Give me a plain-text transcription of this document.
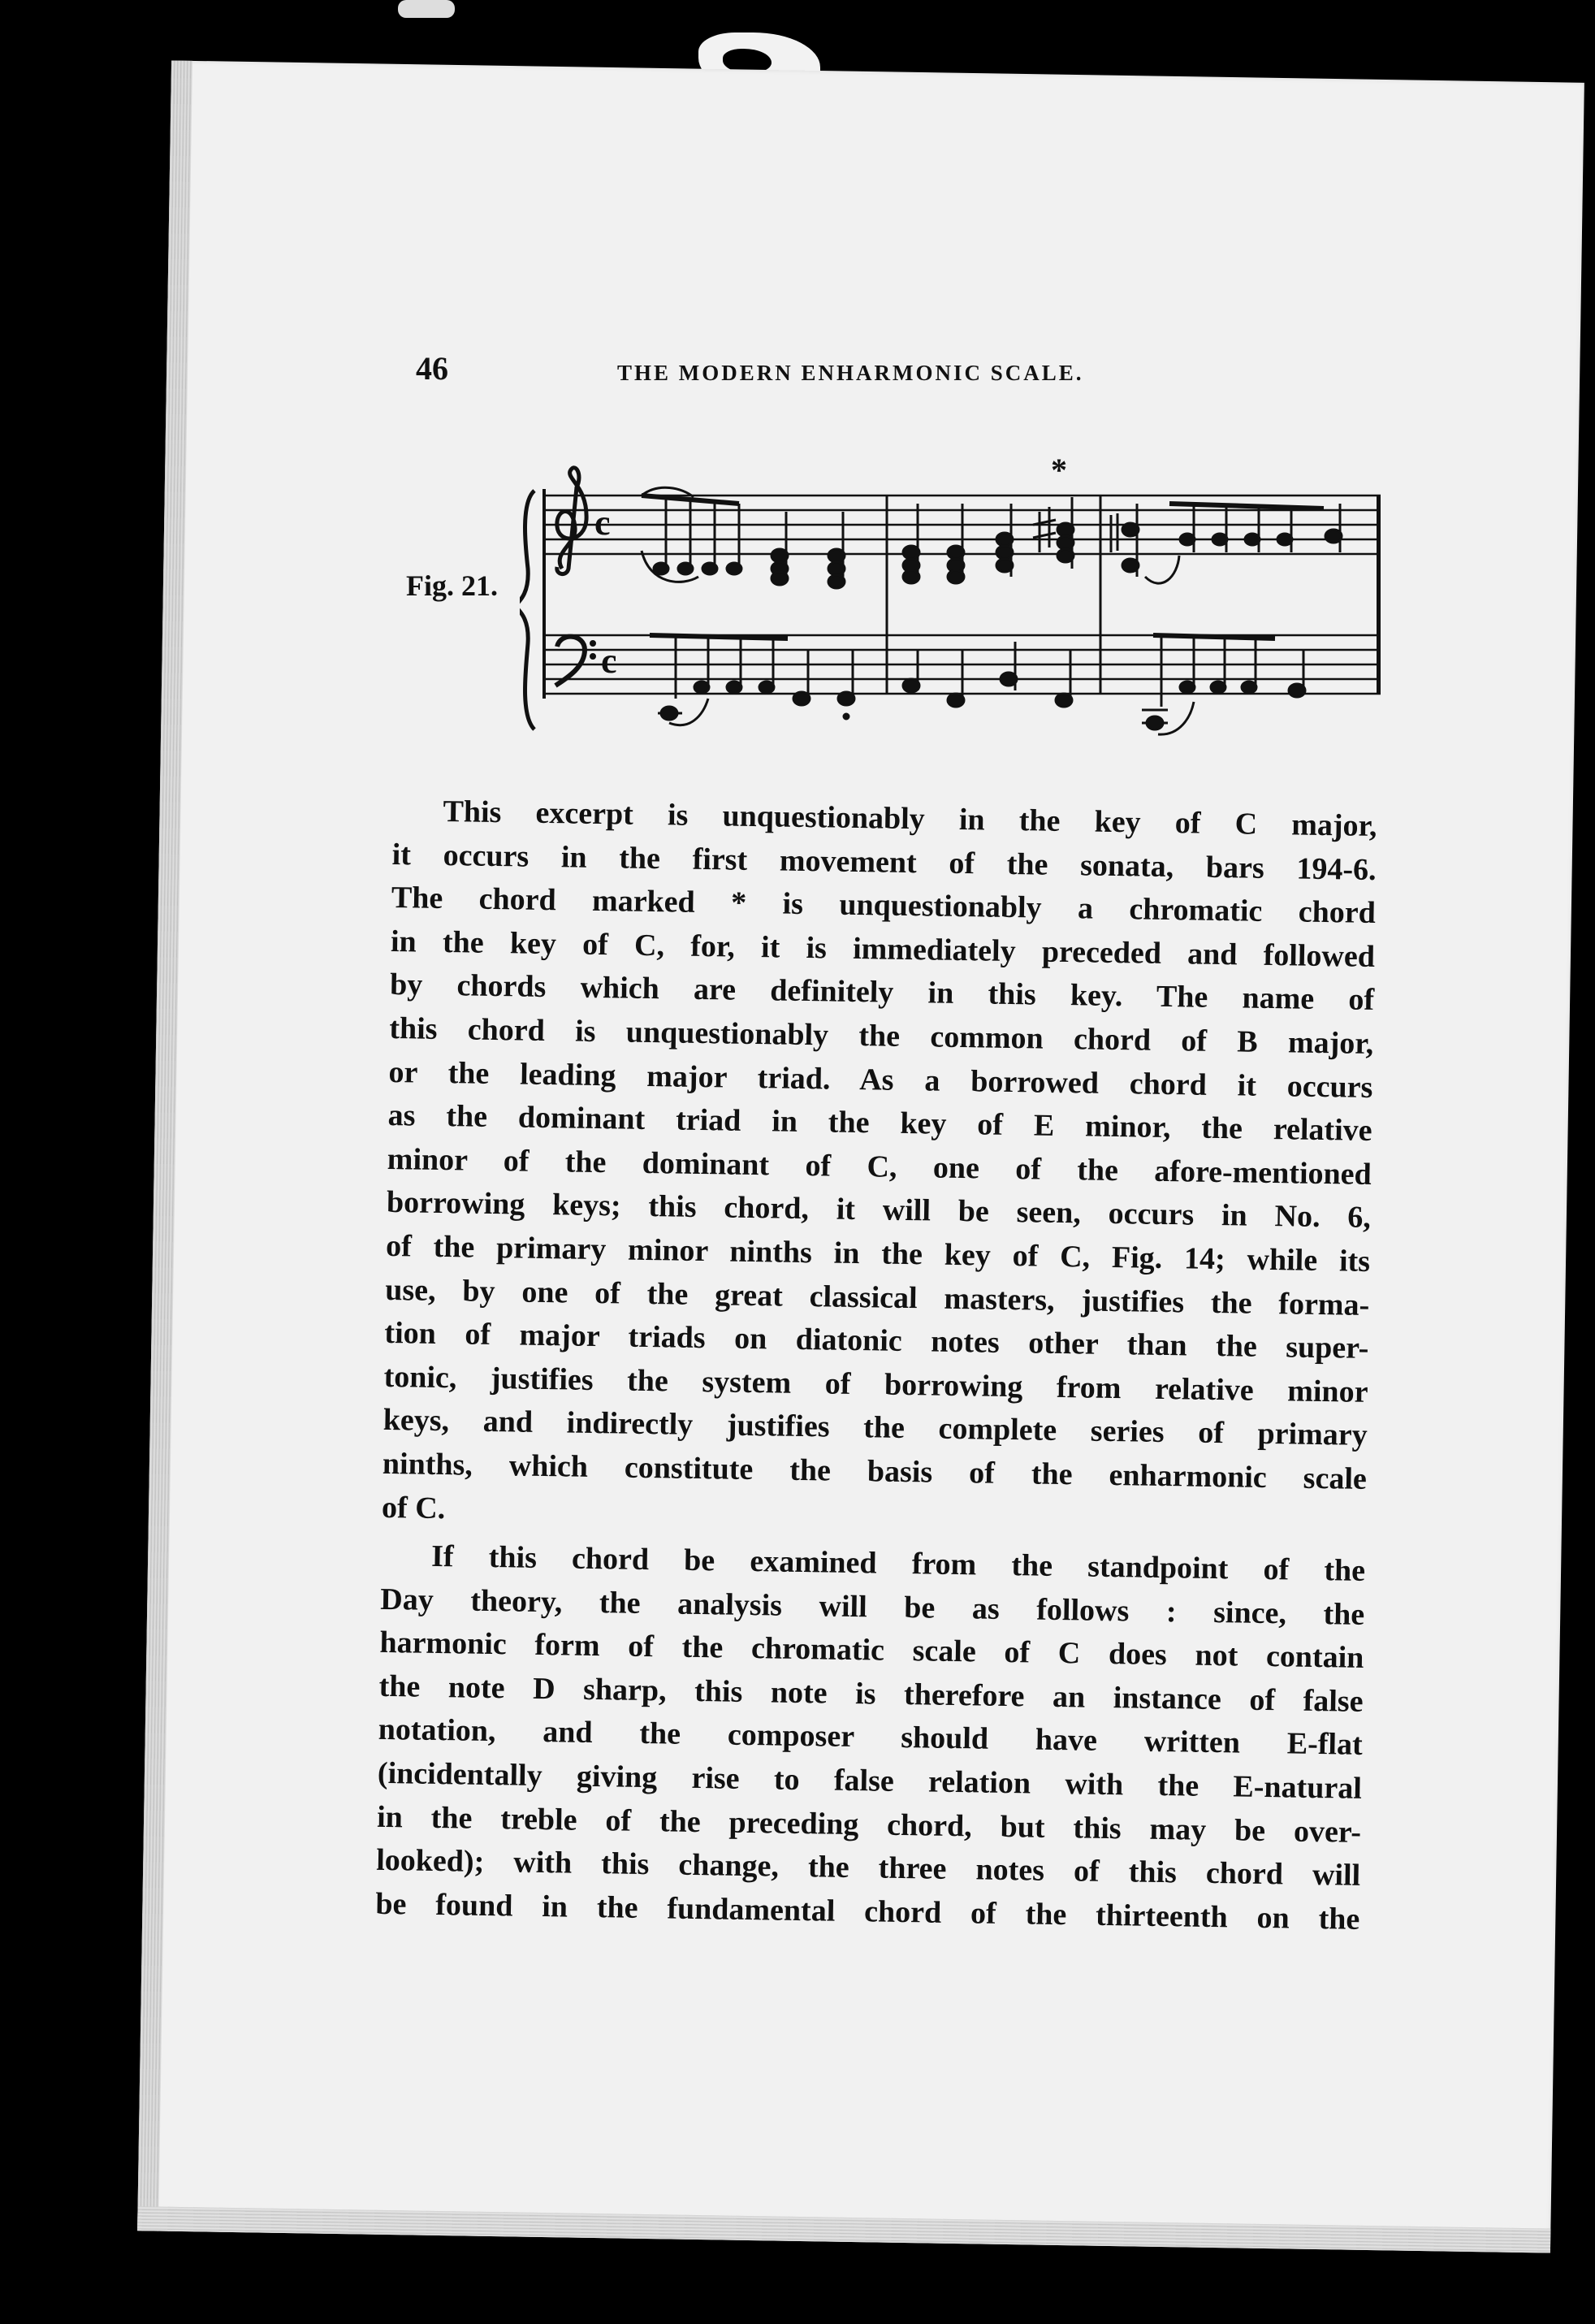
46	THE MODERN ENHARMONIC SCALE.
Fig. 21.
c
c
*
This excerpt is unquestionably in the key of C major,
it occurs in the first movement of the sonata, bars 194-6.
The chord marked * is unquestionably a chromatic chord
in the key of C, for, it is immediately preceded and followed
by chords which are definitely in this key. The name of
this chord is unquestionably the common chord of B major,
or the leading major triad. As a borrowed chord it occurs
as the dominant triad in the key of E minor, the relative
minor of the dominant of C, one of the afore-mentioned
borrowing keys; this chord, it will be seen, occurs in No. 6,
of the primary minor ninths in the key of C, Fig. 14; while its
use, by one of the great classical masters, justifies the forma-
tion of major triads on diatonic notes other than the super-
tonic, justifies the system of borrowing from relative minor
keys, and indirectly justifies the complete series of primary
ninths, which constitute the basis of the enharmonic scale
of C.
If this chord be examined from the standpoint of the
Day theory, the analysis will be as follows : since, the
harmonic form of the chromatic scale of C does not contain
the note D sharp, this note is therefore an instance of false
notation, and the composer should have written E-flat
(incidentally giving rise to false relation with the E-natural
in the treble of the preceding chord, but this may be over-
looked); with this change, the three notes of this chord will
be found in the fundamental chord of the thirteenth on the
